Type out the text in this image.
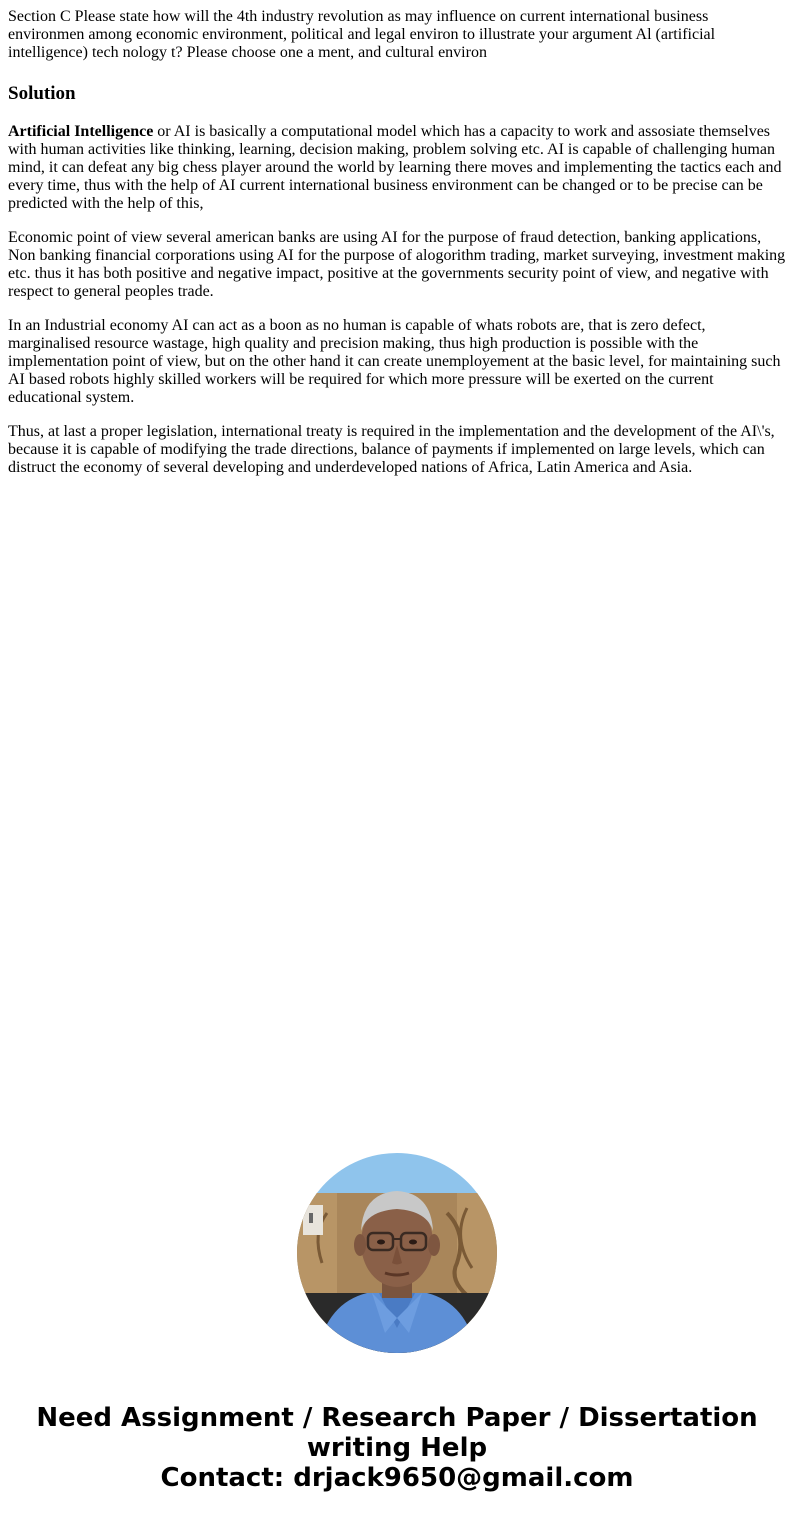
Section C Please state how will the 4th industry revolution as may influence on current international business environmen among economic environment, political and legal environ to illustrate your argument Al (artificial intelligence) tech nology t? Please choose one a ment, and cultural environ
Solution

Artificial Intelligence or AI is basically a computational model which has a capacity to work and assosiate themselves with human activities like thinking, learning, decision making, problem solving etc. AI is capable of challenging human mind, it can defeat any big chess player around the world by learning there moves and implementing the tactics each and every time, thus with the help of AI current international business environment can be changed or to be precise can be predicted with the help of this,

Economic point of view several american banks are using AI for the purpose of fraud detection, banking applications, Non banking financial corporations using AI for the purpose of alogorithm trading, market surveying, investment making etc. thus it has both positive and negative impact, positive at the governments security point of view, and negative with respect to general peoples trade.

In an Industrial economy AI can act as a boon as no human is capable of whats robots are, that is zero defect, marginalised resource wastage, high quality and precision making, thus high production is possible with the implementation point of view, but on the other hand it can create unemployement at the basic level, for maintaining such AI based robots highly skilled workers will be required for which more pressure will be exerted on the current educational system.

Thus, at last a proper legislation, international treaty is required in the implementation and the development of the AI\'s, because it is capable of modifying the trade directions, balance of payments if implemented on large levels, which can distruct the economy of several developing and underdeveloped nations of Africa, Latin America and Asia.

Need Assignment / Research Paper / Dissertation
writing Help
Contact: drjack9650@gmail.com
